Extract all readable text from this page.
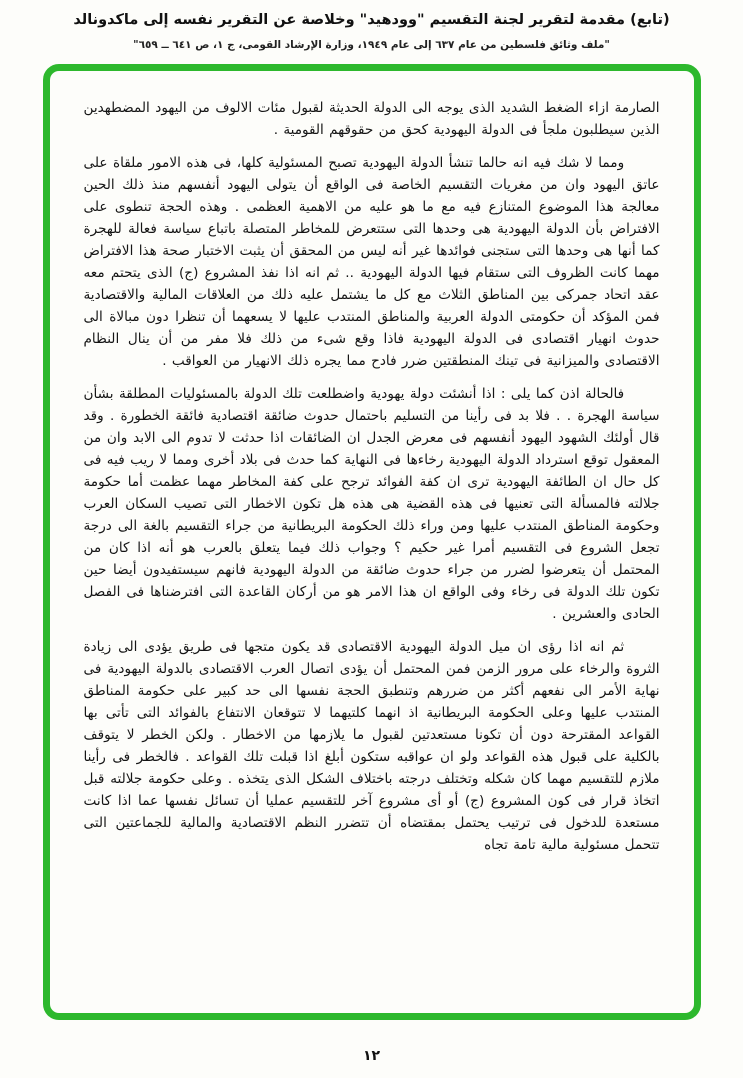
(تابع) مقدمة لتقرير لجنة التقسيم "وودهيد" وخلاصة عن التقرير نفسه إلى ماكدونالد
"ملف وثائق فلسطين من عام ٦٣٧ إلى عام ١٩٤٩، وزارة الإرشاد القومى، ج ١، ص ٦٤١ ــ ٦٥٩"

الصارمة ازاء الضغط الشديد الذى يوجه الى الدولة الحديثة لقبول مئات الالوف من اليهود المضطهدين الذين سيطلبون ملجأ فى الدولة اليهودية كحق من حقوقهم القومية .

ومما لا شك فيه انه حالما تنشأ الدولة اليهودية تصبح المسئولية كلها، فى هذه الامور ملقاة على عاتق اليهود وان من مغريات التقسيم الخاصة فى الواقع أن يتولى اليهود أنفسهم منذ ذلك الحين معالجة هذا الموضوع المتنازع فيه مع ما هو عليه من الاهمية العظمى . وهذه الحجة تنطوى على الافتراض بأن الدولة اليهودية هى وحدها التى ستتعرض للمخاطر المتصلة باتباع سياسة فعالة للهجرة كما أنها هى وحدها التى ستجنى فوائدها غير أنه ليس من المحقق أن يثبت الاختبار صحة هذا الافتراض مهما كانت الظروف التى ستقام فيها الدولة اليهودية .. ثم انه اذا نفذ المشروع (ج) الذى يتحتم معه عقد اتحاد جمركى بين المناطق الثلاث مع كل ما يشتمل عليه ذلك من العلاقات المالية والاقتصادية فمن المؤكد أن حكومتى الدولة العربية والمناطق المنتدب عليها لا يسعهما أن تنظرا دون مبالاة الى حدوث انهيار اقتصادى فى الدولة اليهودية فاذا وقع شىء من ذلك فلا مفر من أن ينال النظام الاقتصادى والميزانية فى تينك المنطقتين ضرر فادح مما يجره ذلك الانهيار من العواقب .

فالحالة اذن كما يلى : اذا أنشئت دولة يهودية واضطلعت تلك الدولة بالمسئوليات المطلقة بشأن سياسة الهجرة . . فلا بد فى رأينا من التسليم باحتمال حدوث ضائقة اقتصادية فائقة الخطورة . وقد قال أولئك الشهود اليهود أنفسهم فى معرض الجدل ان الضائقات اذا حدثت لا تدوم الى الابد وان من المعقول توقع استرداد الدولة اليهودية رخاءها فى النهاية كما حدث فى بلاد أخرى ومما لا ريب فيه فى كل حال ان الطائفة اليهودية ترى ان كفة الفوائد ترجح على كفة المخاطر مهما عظمت أما حكومة جلالته فالمسألة التى تعنيها فى هذه القضية هى هذه هل تكون الاخطار التى تصيب السكان العرب وحكومة المناطق المنتدب عليها ومن وراء ذلك الحكومة البريطانية من جراء التقسيم بالغة الى درجة تجعل الشروع فى التقسيم أمرا غير حكيم ؟ وجواب ذلك فيما يتعلق بالعرب هو أنه اذا كان من المحتمل أن يتعرضوا لضرر من جراء حدوث ضائقة من الدولة اليهودية فانهم سيستفيدون أيضا حين تكون تلك الدولة فى رخاء وفى الواقع ان هذا الامر هو من أركان القاعدة التى افترضناها فى الفصل الحادى والعشرين .

ثم انه اذا رؤى ان ميل الدولة اليهودية الاقتصادى قد يكون متجها فى طريق يؤدى الى زيادة الثروة والرخاء على مرور الزمن فمن المحتمل أن يؤدى اتصال العرب الاقتصادى بالدولة اليهودية فى نهاية الأمر الى نفعهم أكثر من ضررهم وتنطبق الحجة نفسها الى حد كبير على حكومة المناطق المنتدب عليها وعلى الحكومة البريطانية اذ انهما كلتيهما لا تتوقعان الانتفاع بالفوائد التى تأتى بها القواعد المقترحة دون أن تكونا مستعدتين لقبول ما يلازمها من الاخطار . ولكن الخطر لا يتوقف بالكلية على قبول هذه القواعد ولو ان عواقبه ستكون أبلغ اذا قبلت تلك القواعد . فالخطر فى رأينا ملازم للتقسيم مهما كان شكله وتختلف درجته باختلاف الشكل الذى يتخذه . وعلى حكومة جلالته قبل اتخاذ قرار فى كون المشروع (ج) أو أى مشروع آخر للتقسيم عمليا أن تسائل نفسها عما اذا كانت مستعدة للدخول فى ترتيب يحتمل بمقتضاه أن تتضرر النظم الاقتصادية والمالية للجماعتين التى تتحمل مسئولية مالية تامة تجاه

١٢
